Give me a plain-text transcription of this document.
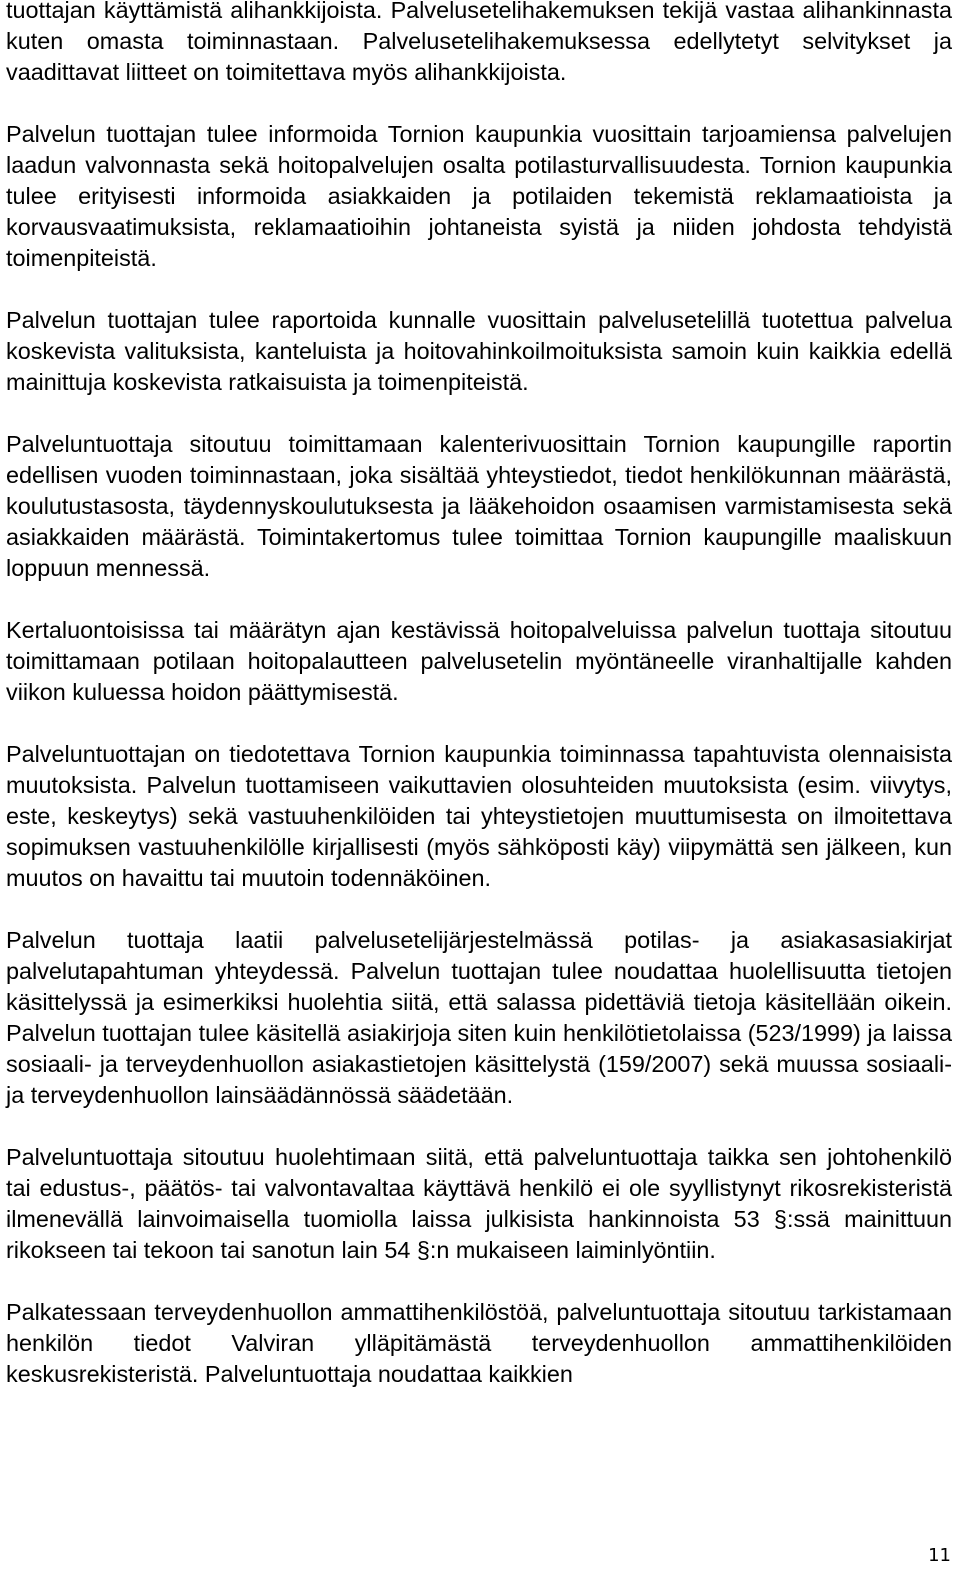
tuottajan käyttämistä alihankkijoista. Palvelusetelihakemuksen tekijä vastaa alihankinnasta kuten omasta toiminnastaan. Palvelusetelihakemuksessa edellytetyt selvitykset ja vaadittavat liitteet on toimitettava myös alihankkijoista.

Palvelun tuottajan tulee informoida Tornion kaupunkia vuosittain tarjoamiensa palvelujen laadun valvonnasta sekä hoitopalvelujen osalta potilasturvallisuudesta. Tornion kaupunkia tulee erityisesti informoida asiakkaiden ja potilaiden tekemistä reklamaatioista ja korvausvaatimuksista, reklamaatioihin johtaneista syistä ja niiden johdosta tehdyistä toimenpiteistä.

Palvelun tuottajan tulee raportoida kunnalle vuosittain palvelusetelillä tuotettua palvelua koskevista valituksista, kanteluista ja hoitovahinkoilmoituksista samoin kuin kaikkia edellä mainittuja koskevista ratkaisuista ja toimenpiteistä.

Palveluntuottaja sitoutuu toimittamaan kalenterivuosittain Tornion kaupungille raportin edellisen vuoden toiminnastaan, joka sisältää yhteystiedot, tiedot henkilökunnan määrästä, koulutustasosta, täydennyskoulutuksesta ja lääkehoidon osaamisen varmistamisesta sekä asiakkaiden määrästä. Toimintakertomus tulee toimittaa Tornion kaupungille maaliskuun loppuun mennessä.

Kertaluontoisissa tai määrätyn ajan kestävissä hoitopalveluissa palvelun tuottaja sitoutuu toimittamaan potilaan hoitopalautteen palvelusetelin myöntäneelle viranhaltijalle kahden viikon kuluessa hoidon päättymisestä.

Palveluntuottajan on tiedotettava Tornion kaupunkia toiminnassa tapahtuvista olennaisista muutoksista. Palvelun tuottamiseen vaikuttavien olosuhteiden muutoksista (esim. viivytys, este, keskeytys) sekä vastuuhenkilöiden tai yhteystietojen muuttumisesta on ilmoitettava sopimuksen vastuuhenkilölle kirjallisesti (myös sähköposti käy) viipymättä sen jälkeen, kun muutos on havaittu tai muutoin todennäköinen.

Palvelun tuottaja laatii palvelusetelijärjestelmässä potilas- ja asiakasasiakirjat palvelutapahtuman yhteydessä. Palvelun tuottajan tulee noudattaa huolellisuutta tietojen käsittelyssä ja esimerkiksi huolehtia siitä, että salassa pidettäviä tietoja käsitellään oikein. Palvelun tuottajan tulee käsitellä asiakirjoja siten kuin henkilötietolaissa (523/1999) ja laissa sosiaali- ja terveydenhuollon asiakastietojen käsittelystä (159/2007) sekä muussa sosiaali- ja terveydenhuollon lainsäädännössä säädetään.

Palveluntuottaja sitoutuu huolehtimaan siitä, että palveluntuottaja taikka sen johtohenkilö tai edustus-, päätös- tai valvontavaltaa käyttävä henkilö ei ole syyllistynyt rikosrekisteristä ilmenevällä lainvoimaisella tuomiolla laissa julkisista hankinnoista 53 §:ssä mainittuun rikokseen tai tekoon tai sanotun lain 54 §:n mukaiseen laiminlyöntiin.

Palkatessaan terveydenhuollon ammattihenkilöstöä, palveluntuottaja sitoutuu tarkistamaan henkilön tiedot Valviran ylläpitämästä terveydenhuollon ammattihenkilöiden keskusrekisteristä. Palveluntuottaja noudattaa kaikkien

11
